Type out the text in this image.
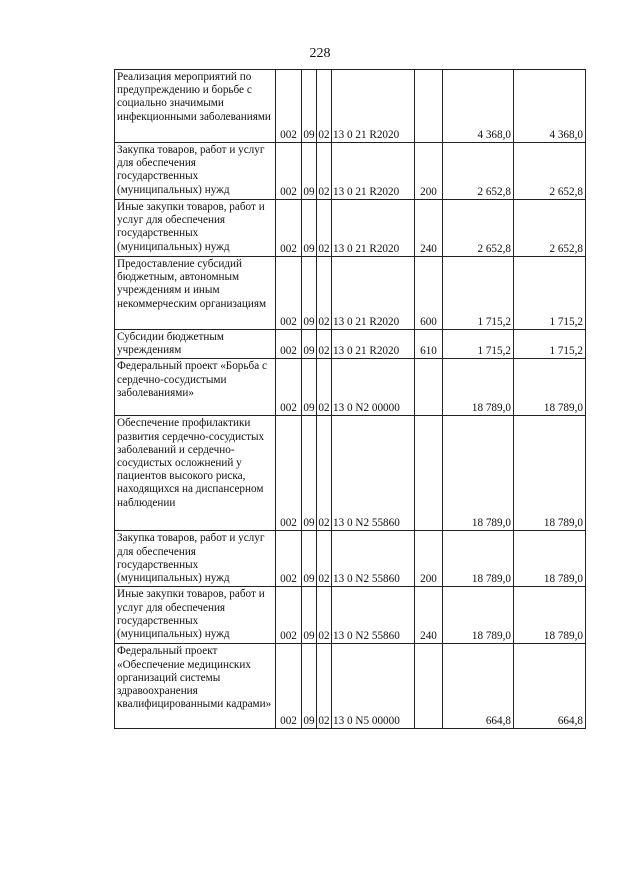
228
Реализация мероприятий по предупреждению и борьбе с социально значимыми инфекционными заболеваниями	002	09	02	13 0 21 R2020		4 368,0	4 368,0
Закупка товаров, работ и услуг для обеспечения государственных (муниципальных) нужд	002	09	02	13 0 21 R2020	200	2 652,8	2 652,8
Иные закупки товаров, работ и услуг для обеспечения государственных (муниципальных) нужд	002	09	02	13 0 21 R2020	240	2 652,8	2 652,8
Предоставление субсидий бюджетным, автономным учреждениям и иным некоммерческим организациям	002	09	02	13 0 21 R2020	600	1 715,2	1 715,2
Субсидии бюджетным учреждениям	002	09	02	13 0 21 R2020	610	1 715,2	1 715,2
Федеральный проект «Борьба с сердечно-сосудистыми заболеваниями»	002	09	02	13 0 N2 00000		18 789,0	18 789,0
Обеспечение профилактики развития сердечно-сосудистых заболеваний и сердечно-сосудистых осложнений у пациентов высокого риска, находящихся на диспансерном наблюдении	002	09	02	13 0 N2 55860		18 789,0	18 789,0
Закупка товаров, работ и услуг для обеспечения государственных (муниципальных) нужд	002	09	02	13 0 N2 55860	200	18 789,0	18 789,0
Иные закупки товаров, работ и услуг для обеспечения государственных (муниципальных) нужд	002	09	02	13 0 N2 55860	240	18 789,0	18 789,0
Федеральный проект «Обеспечение медицинских организаций системы здравоохранения квалифицированными кадрами»	002	09	02	13 0 N5 00000		664,8	664,8
